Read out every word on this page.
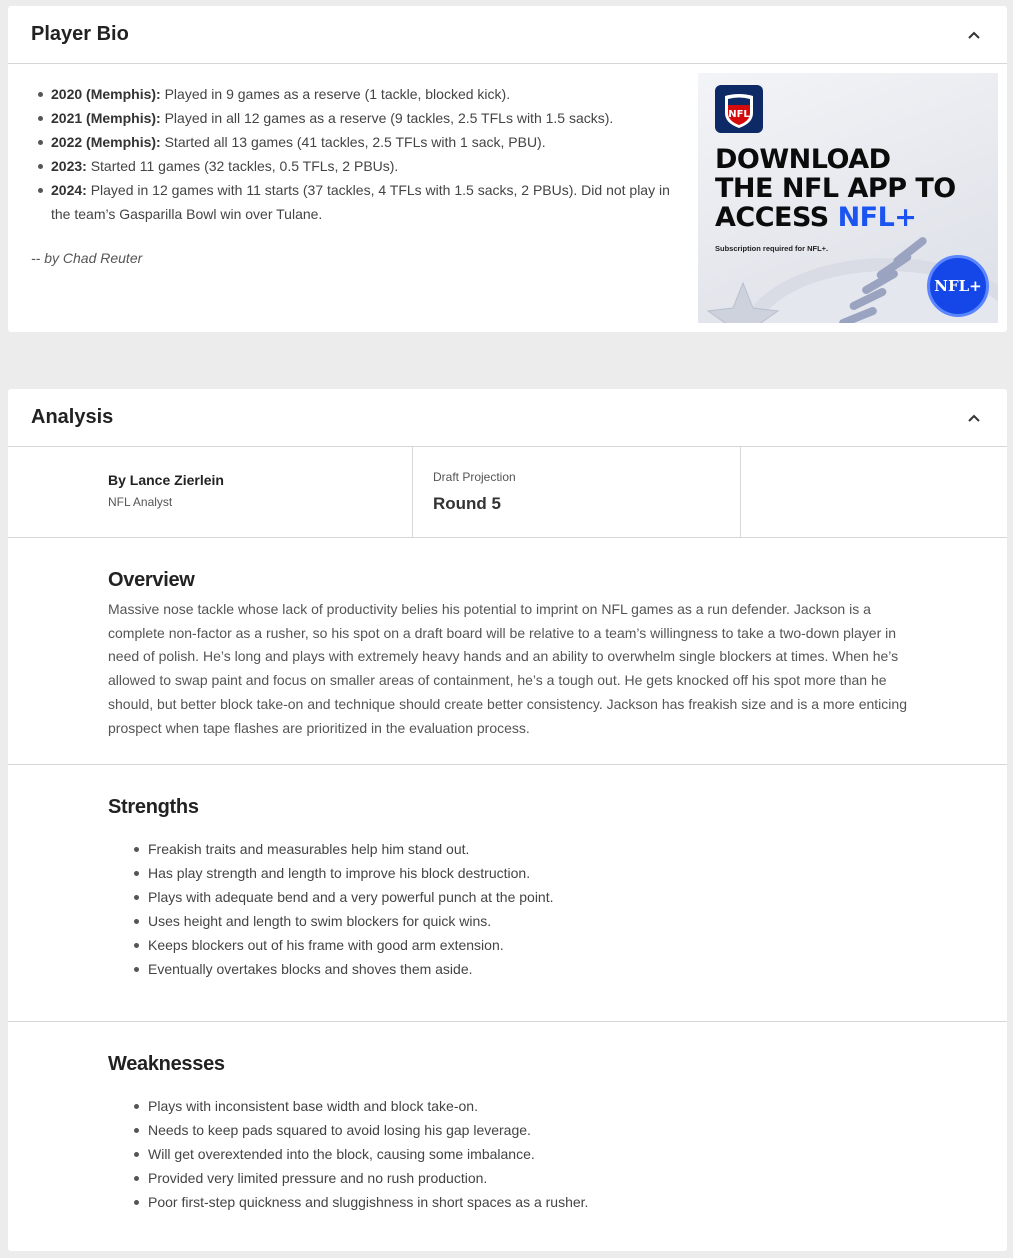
Player Bio
2020 (Memphis): Played in 9 games as a reserve (1 tackle, blocked kick).
2021 (Memphis): Played in all 12 games as a reserve (9 tackles, 2.5 TFLs with 1.5 sacks).
2022 (Memphis): Started all 13 games (41 tackles, 2.5 TFLs with 1 sack, PBU).
2023: Started 11 games (32 tackles, 0.5 TFLs, 2 PBUs).
2024: Played in 12 games with 11 starts (37 tackles, 4 TFLs with 1.5 sacks, 2 PBUs). Did not play in the team’s Gasparilla Bowl win over Tulane.
-- by Chad Reuter
NFL
DOWNLOAD
THE NFL APP TO
ACCESS NFL+
Subscription required for NFL+.
NFL+
Analysis
By Lance Zierlein
NFL Analyst
Draft Projection
Round 5
Overview

Massive nose tackle whose lack of productivity belies his potential to imprint on NFL games as a run defender. Jackson is a complete non-factor as a rusher, so his spot on a draft board will be relative to a team’s willingness to take a two-down player in need of polish. He’s long and plays with extremely heavy hands and an ability to overwhelm single blockers at times. When he’s allowed to swap paint and focus on smaller areas of containment, he’s a tough out. He gets knocked off his spot more than he should, but better block take-on and technique should create better consistency. Jackson has freakish size and is a more enticing prospect when tape flashes are prioritized in the evaluation process.

Strengths
Freakish traits and measurables help him stand out.
Has play strength and length to improve his block destruction.
Plays with adequate bend and a very powerful punch at the point.
Uses height and length to swim blockers for quick wins.
Keeps blockers out of his frame with good arm extension.
Eventually overtakes blocks and shoves them aside.
Weaknesses
Plays with inconsistent base width and block take-on.
Needs to keep pads squared to avoid losing his gap leverage.
Will get overextended into the block, causing some imbalance.
Provided very limited pressure and no rush production.
Poor first-step quickness and sluggishness in short spaces as a rusher.
